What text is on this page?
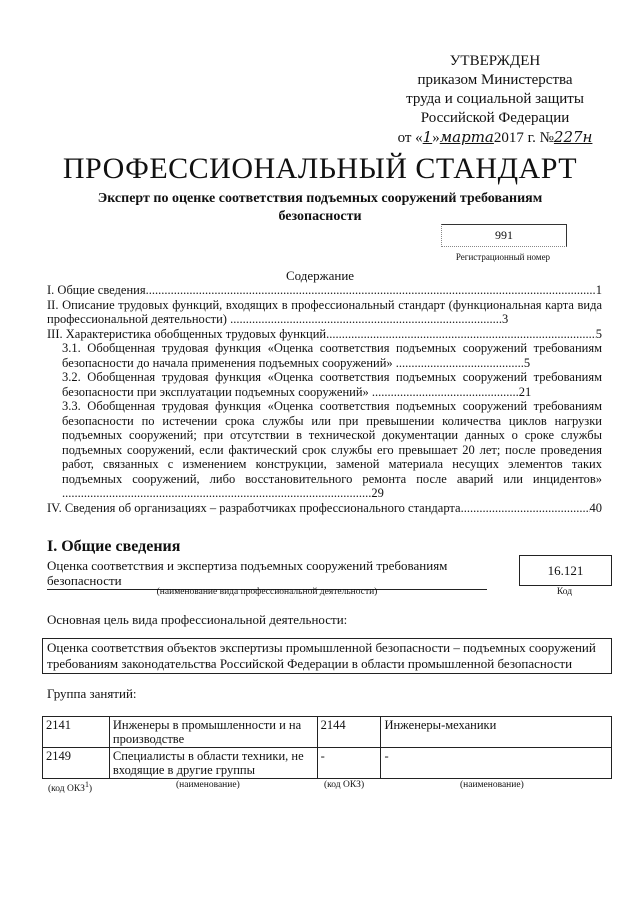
УТВЕРЖДЕН
приказом Министерства
труда и социальной защиты
Российской Федерации
от «1»марта2017 г. №227н
ПРОФЕССИОНАЛЬНЫЙ СТАНДАРТ
Эксперт по оценке соответствия подъемных сооружений требованиям безопасности
991
Регистрационный номер
Содержание
I. Общие сведения .....	1
II. Описание трудовых функций, входящих в профессиональный стандарт (функциональная карта вида профессиональной деятельности) .......................................................................................3
III. Характеристика обобщенных трудовых функций .....	5
3.1. Обобщенная трудовая функция «Оценка соответствия подъемных сооружений требованиям безопасности до начала применения подъемных сооружений» .........................................5
3.2. Обобщенная трудовая функция «Оценка соответствия подъемных сооружений требованиям безопасности при эксплуатации подъемных сооружений» ...............................................21
3.3. Обобщенная трудовая функция «Оценка соответствия подъемных сооружений требованиям безопасности по истечении срока службы или при превышении количества циклов нагрузки подъемных сооружений; при отсутствии в технической документации данных о сроке службы подъемных сооружений, если фактический срок службы его превышает 20 лет; после проведения работ, связанных с изменением конструкции, заменой материала несущих элементов таких подъемных сооружений, либо восстановительного ремонта после аварий или инцидентов» ...................................................................................................29
IV. Сведения об организациях – разработчиках профессионального стандарта .....	40
I. Общие сведения
Оценка соответствия и экспертиза подъемных сооружений требованиям безопасности
(наименование вида профессиональной деятельности)
16.121
Код
Основная цель вида профессиональной деятельности:
Оценка соответствия объектов экспертизы промышленной безопасности – подъемных сооружений требованиям законодательства Российской Федерации в области промышленной безопасности
Группа занятий:
2141	Инженеры в промышленности и на производстве	2144	Инженеры-механики
2149	Специалисты в области техники, не входящие в другие группы	-	-
(код ОКЗ$^1$)	(наименование)	(код ОКЗ)	(наименование)
